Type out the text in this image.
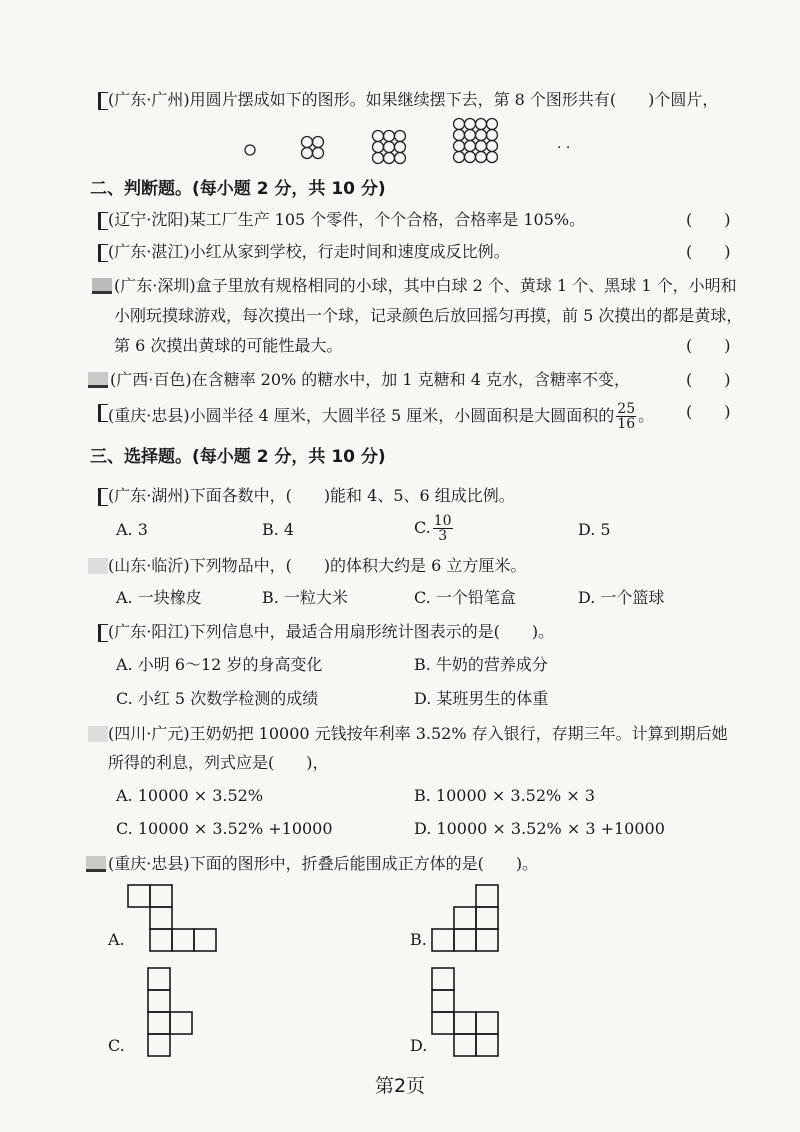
(广东·广州)用圆片摆成如下的图形。如果继续摆下去，第 8 个图形共有(　　)个圆片，
· ·
二、判断题。(每小题 2 分，共 10 分)
(辽宁·沈阳)某工厂生产 105 个零件，个个合格，合格率是 105%。	(　　)
(广东·湛江)小红从家到学校，行走时间和速度成反比例。	(　　)
(广东·深圳)盒子里放有规格相同的小球，其中白球 2 个、黄球 1 个、黑球 1 个，小明和
小刚玩摸球游戏，每次摸出一个球，记录颜色后放回摇匀再摸，前 5 次摸出的都是黄球，
第 6 次摸出黄球的可能性最大。	(　　)
(广西·百色)在含糖率 20% 的糖水中，加 1 克糖和 4 克水，含糖率不变，	(　　)
(重庆·忠县)小圆半径 4 厘米，大圆半径 5 厘米，小圆面积是大圆面积的 $\frac{25}{16}$ 。 (　　)
三、选择题。(每小题 2 分，共 10 分)
(广东·湖州)下面各数中，(　　)能和 4、5、6 组成比例。
A. 3	B. 4	C. $\frac{10}{3}$	D. 5
(山东·临沂)下列物品中，(　　)的体积大约是 6 立方厘米。
A. 一块橡皮	B. 一粒大米	C. 一个铅笔盒	D. 一个篮球
(广东·阳江)下列信息中，最适合用扇形统计图表示的是(　　)。
A. 小明 6～12 岁的身高变化	B. 牛奶的营养成分
C. 小红 5 次数学检测的成绩	D. 某班男生的体重
(四川·广元)王奶奶把 10000 元钱按年利率 3.52% 存入银行，存期三年。计算到期后她
所得的利息，列式应是(　　)，
A. 10000 × 3.52%	B. 10000 × 3.52% × 3
C. 10000 × 3.52% +10000	D. 10000 × 3.52% × 3 +10000
(重庆·忠县)下面的图形中，折叠后能围成正方体的是(　　)。
A.	B.
C.	D.
第2页
